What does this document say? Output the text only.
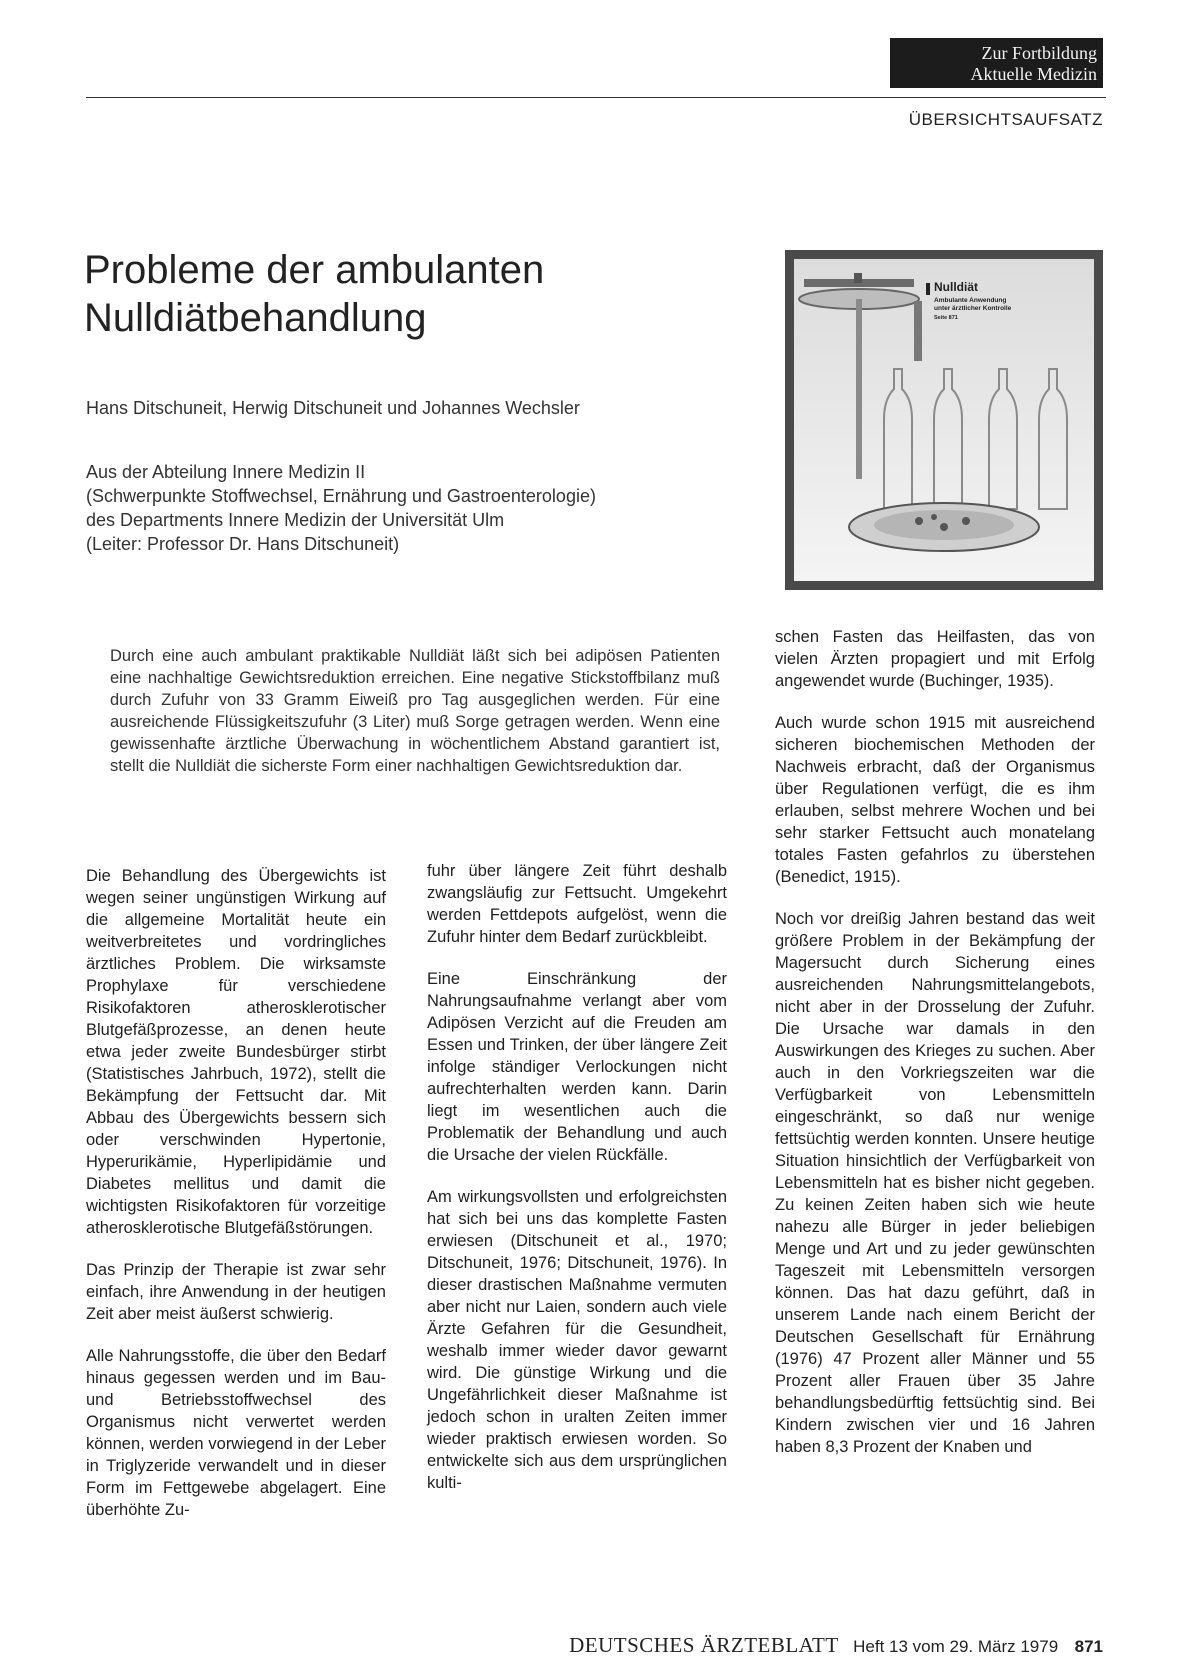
Zur Fortbildung
Aktuelle Medizin
ÜBERSICHTSAUFSATZ
Probleme der ambulanten
Nulldiätbehandlung
Hans Ditschuneit, Herwig Ditschuneit und Johannes Wechsler
Aus der Abteilung Innere Medizin II
(Schwerpunkte Stoffwechsel, Ernährung und Gastroenterologie)
des Departments Innere Medizin der Universität Ulm
(Leiter: Professor Dr. Hans Ditschuneit)
Nulldiät
Ambulante Anwendung
unter ärztlicher Kontrolle
Seite 871
Durch eine auch ambulant praktikable Nulldiät läßt sich bei adipösen Patienten eine nachhaltige Gewichtsreduktion erreichen. Eine negative Stickstoffbilanz muß durch Zufuhr von 33 Gramm Eiweiß pro Tag ausgeglichen werden. Für eine ausreichende Flüssigkeitszufuhr (3 Liter) muß Sorge getragen werden. Wenn eine gewissenhafte ärztliche Überwachung in wöchentlichem Abstand garantiert ist, stellt die Nulldiät die sicherste Form einer nachhaltigen Gewichtsreduktion dar.

Die Behandlung des Übergewichts ist wegen seiner ungünstigen Wirkung auf die allgemeine Mortalität heute ein weitverbreitetes und vordringliches ärztliches Problem. Die wirksamste Prophylaxe für verschiedene Risikofaktoren atherosklerotischer Blutgefäßprozesse, an denen heute etwa jeder zweite Bundesbürger stirbt (Statistisches Jahrbuch, 1972), stellt die Bekämpfung der Fettsucht dar. Mit Abbau des Übergewichts bessern sich oder verschwinden Hypertonie, Hyperurikämie, Hyperlipidämie und Diabetes mellitus und damit die wichtigsten Risikofaktoren für vorzeitige atherosklerotische Blutgefäßstörungen.

Das Prinzip der Therapie ist zwar sehr einfach, ihre Anwendung in der heutigen Zeit aber meist äußerst schwierig.

Alle Nahrungsstoffe, die über den Bedarf hinaus gegessen werden und im Bau- und Betriebsstoffwechsel des Organismus nicht verwertet werden können, werden vorwiegend in der Leber in Triglyzeride verwandelt und in dieser Form im Fettgewebe abgelagert. Eine überhöhte Zu-

fuhr über längere Zeit führt deshalb zwangsläufig zur Fettsucht. Umgekehrt werden Fettdepots aufgelöst, wenn die Zufuhr hinter dem Bedarf zurückbleibt.

Eine Einschränkung der Nahrungsaufnahme verlangt aber vom Adipösen Verzicht auf die Freuden am Essen und Trinken, der über längere Zeit infolge ständiger Verlockungen nicht aufrechterhalten werden kann. Darin liegt im wesentlichen auch die Problematik der Behandlung und auch die Ursache der vielen Rückfälle.

Am wirkungsvollsten und erfolgreichsten hat sich bei uns das komplette Fasten erwiesen (Ditschuneit et al., 1970; Ditschuneit, 1976; Ditschuneit, 1976). In dieser drastischen Maßnahme vermuten aber nicht nur Laien, sondern auch viele Ärzte Gefahren für die Gesundheit, weshalb immer wieder davor gewarnt wird. Die günstige Wirkung und die Ungefährlichkeit dieser Maßnahme ist jedoch schon in uralten Zeiten immer wieder praktisch erwiesen worden. So entwickelte sich aus dem ursprünglichen kulti-

schen Fasten das Heilfasten, das von vielen Ärzten propagiert und mit Erfolg angewendet wurde (Buchinger, 1935).

Auch wurde schon 1915 mit ausreichend sicheren biochemischen Methoden der Nachweis erbracht, daß der Organismus über Regulationen verfügt, die es ihm erlauben, selbst mehrere Wochen und bei sehr starker Fettsucht auch monatelang totales Fasten gefahrlos zu überstehen (Benedict, 1915).

Noch vor dreißig Jahren bestand das weit größere Problem in der Bekämpfung der Magersucht durch Sicherung eines ausreichenden Nahrungsmittelangebots, nicht aber in der Drosselung der Zufuhr. Die Ursache war damals in den Auswirkungen des Krieges zu suchen. Aber auch in den Vorkriegszeiten war die Verfügbarkeit von Lebensmitteln eingeschränkt, so daß nur wenige fettsüchtig werden konnten. Unsere heutige Situation hinsichtlich der Verfügbarkeit von Lebensmitteln hat es bisher nicht gegeben. Zu keinen Zeiten haben sich wie heute nahezu alle Bürger in jeder beliebigen Menge und Art und zu jeder gewünschten Tageszeit mit Lebensmitteln versorgen können. Das hat dazu geführt, daß in unserem Lande nach einem Bericht der Deutschen Gesellschaft für Ernährung (1976) 47 Prozent aller Männer und 55 Prozent aller Frauen über 35 Jahre behandlungsbedürftig fettsüchtig sind. Bei Kindern zwischen vier und 16 Jahren haben 8,3 Prozent der Knaben und

DEUTSCHES ÄRZTEBLATT Heft 13 vom 29. März 1979 871
